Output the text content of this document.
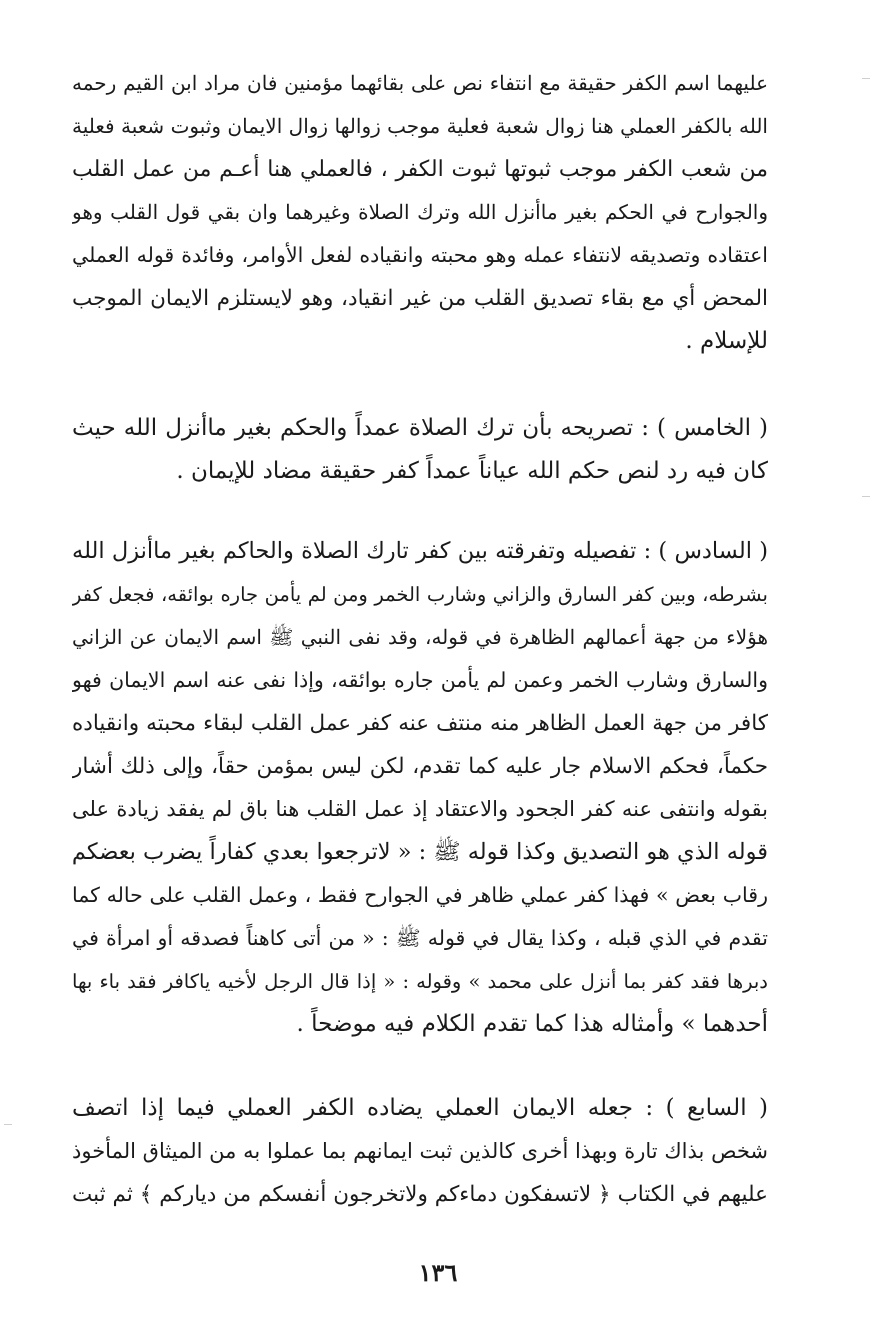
عليهما اسم الكفر حقيقة مع انتفاء نص على بقائهما مؤمنين فان مراد ابن القيم رحمه
الله بالكفر العملي هنا زوال شعبة فعلية موجب زوالها زوال الايمان وثبوت شعبة فعلية
من شعب الكفر موجب ثبوتها ثبوت الكفر ، فالعملي هنا أعـم من عمل القلب
والجوارح في الحكم بغير ماأنزل الله وترك الصلاة وغيرهما وان بقي قول القلب وهو
اعتقاده وتصديقه لانتفاء عمله وهو محبته وانقياده لفعل الأوامر، وفائدة قوله العملي
المحض أي مع بقاء تصديق القلب من غير انقياد، وهو لايستلزم الايمان الموجب
للإسلام .
( الخامس ) : تصريحه بأن ترك الصلاة عمداً والحكم بغير ماأنزل الله حيث
كان فيه رد لنص حكم الله عياناً عمداً كفر حقيقة مضاد للإيمان .
( السادس ) : تفصيله وتفرقته بين كفر تارك الصلاة والحاكم بغير ماأنزل الله
بشرطه، وبين كفر السارق والزاني وشارب الخمر ومن لم يأمن جاره بوائقه، فجعل كفر
هؤلاء من جهة أعمالهم الظاهرة في قوله، وقد نفى النبي ﷺ اسم الايمان عن الزاني
والسارق وشارب الخمر وعمن لم يأمن جاره بوائقه، وإذا نفى عنه اسم الايمان فهو
كافر من جهة العمل الظاهر منه منتف عنه كفر عمل القلب لبقاء محبته وانقياده
حكماً، فحكم الاسلام جار عليه كما تقدم، لكن ليس بمؤمن حقاً، وإلى ذلك أشار
بقوله وانتفى عنه كفر الجحود والاعتقاد إذ عمل القلب هنا باق لم يفقد زيادة على
قوله الذي هو التصديق وكذا قوله ﷺ : « لاترجعوا بعدي كفاراً يضرب بعضكم
رقاب بعض » فهذا كفر عملي ظاهر في الجوارح فقط ، وعمل القلب على حاله كما
تقدم في الذي قبله ، وكذا يقال في قوله ﷺ : « من أتى كاهناً فصدقه أو امرأة في
دبرها فقد كفر بما أنزل على محمد » وقوله : « إذا قال الرجل لأخيه ياكافر فقد باء بها
أحدهما » وأمثاله هذا كما تقدم الكلام فيه موضحاً .
( السابع ) : جعله الايمان العملي يضاده الكفر العملي فيما إذا اتصف
شخص بذاك تارة وبهذا أخرى كالذين ثبت ايمانهم بما عملوا به من الميثاق المأخوذ
عليهم في الكتاب ﴿ لاتسفكون دماءكم ولاتخرجون أنفسكم من دياركم ﴾ ثم ثبت
١٣٦
